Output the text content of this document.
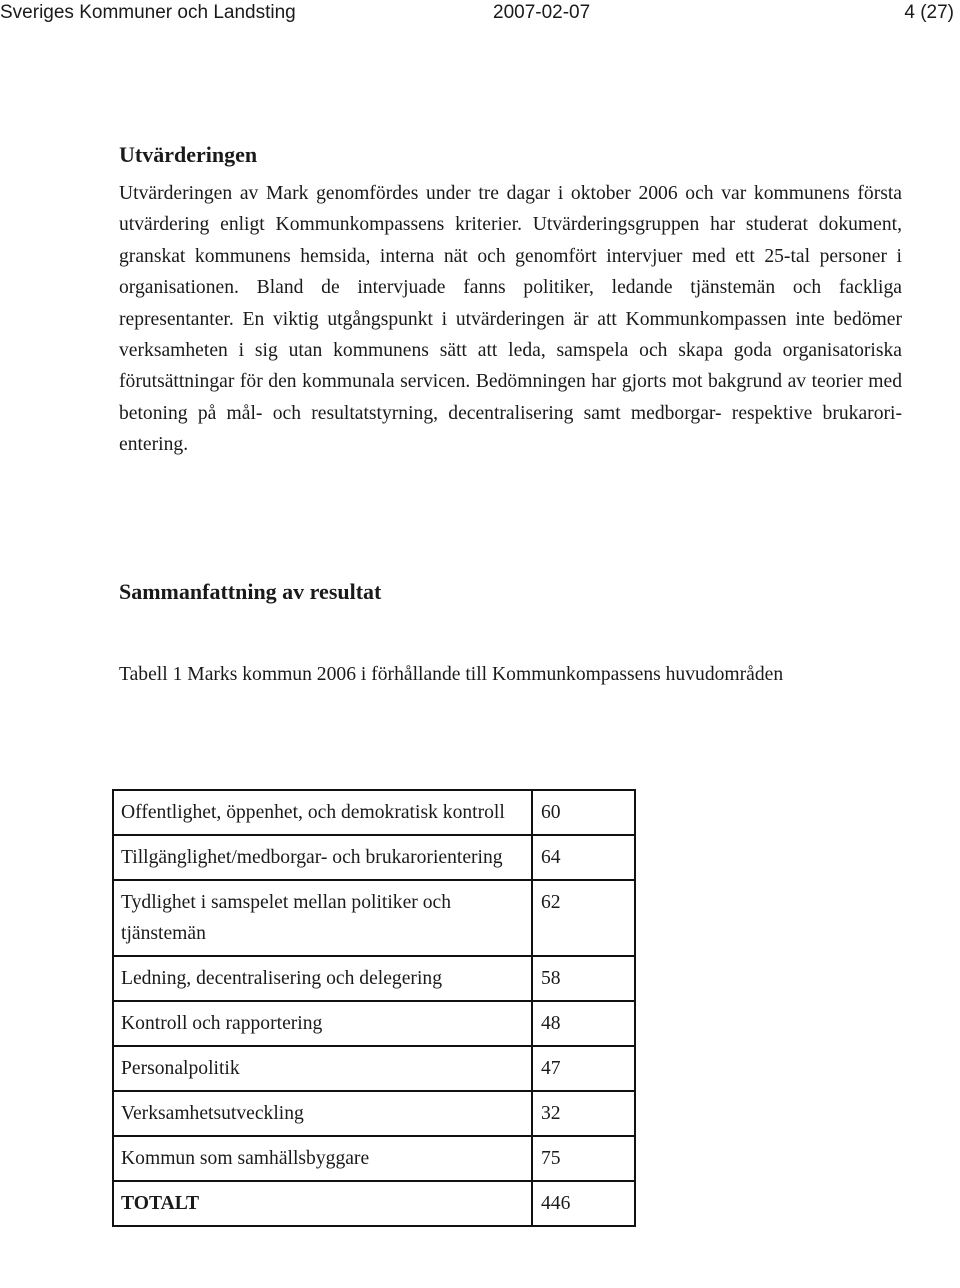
Sveriges Kommuner och Landsting	2007-02-07	4 (27)
Utvärderingen

Utvärderingen av Mark genomfördes under tre dagar i oktober 2006 och var kommunens första utvärdering enligt Kommunkompassens kriterier. Utvärderingsgruppen har studerat dokument, granskat kommunens hemsida, interna nät och genomfört intervjuer med ett 25-tal personer i organisationen. Bland de intervjuade fanns politiker, ledande tjänstemän och fackliga representanter. En viktig utgångspunkt i utvärderingen är att Kommunkompassen inte bedömer verksamheten i sig utan kommunens sätt att leda, samspela och skapa goda organisatoriska förutsättningar för den kommunala servicen. Bedömningen har gjorts mot bakgrund av teorier med betoning på mål- och resultatstyrning, decentralisering samt medborgar- respektive brukarorientering.

Sammanfattning av resultat

Tabell 1 Marks kommun 2006 i förhållande till Kommunkompassens huvudområden

Offentlighet, öppenhet, och demokratisk kontroll	60
Tillgänglighet/medborgar- och brukarorientering	64
Tydlighet i samspelet mellan politiker och tjänstemän	62
Ledning, decentralisering och delegering	58
Kontroll och rapportering	48
Personalpolitik	47
Verksamhetsutveckling	32
Kommun som samhällsbyggare	75
TOTALT	446
